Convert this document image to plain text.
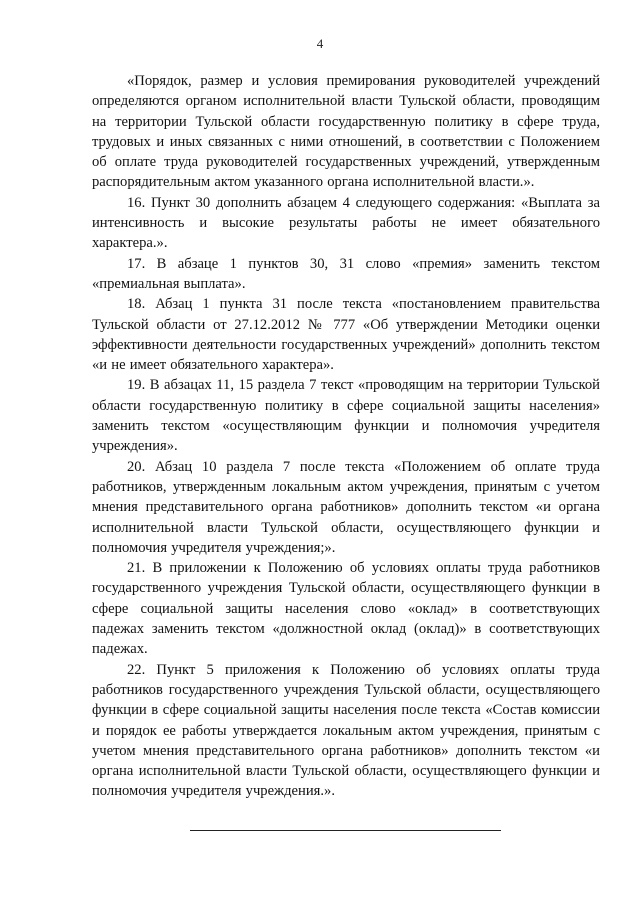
4

«Порядок, размер и условия премирования руководителей учреждений определяются органом исполнительной власти Тульской области, проводящим на территории Тульской области государственную политику в сфере труда, трудовых и иных связанных с ними отношений, в соответствии с Положением об оплате труда руководителей государственных учреждений, утвержденным распорядительным актом указанного органа исполнительной власти.».

16. Пункт 30 дополнить абзацем 4 следующего содержания: «Выплата за интенсивность и высокие результаты работы не имеет обязательного характера.».

17. В абзаце 1 пунктов 30, 31 слово «премия» заменить текстом «премиальная выплата».

18. Абзац 1 пункта 31 после текста «постановлением правительства Тульской области от 27.12.2012 № 777 «Об утверждении Методики оценки эффективности деятельности государственных учреждений» дополнить текстом «и не имеет обязательного характера».

19. В абзацах 11, 15 раздела 7 текст «проводящим на территории Тульской области государственную политику в сфере социальной защиты населения» заменить текстом «осуществляющим функции и полномочия учредителя учреждения».

20. Абзац 10 раздела 7 после текста «Положением об оплате труда работников, утвержденным локальным актом учреждения, принятым с учетом мнения представительного органа работников» дополнить текстом «и органа исполнительной власти Тульской области, осуществляющего функции и полномочия учредителя учреждения;».

21. В приложении к Положению об условиях оплаты труда работников государственного учреждения Тульской области, осуществляющего функции в сфере социальной защиты населения слово «оклад» в соответствующих падежах заменить текстом «должностной оклад (оклад)» в соответствующих падежах.

22. Пункт 5 приложения к Положению об условиях оплаты труда работников государственного учреждения Тульской области, осуществляющего функции в сфере социальной защиты населения после текста «Состав комиссии и порядок ее работы утверждается локальным актом учреждения, принятым с учетом мнения представительного органа работников» дополнить текстом «и органа исполнительной власти Тульской области, осуществляющего функции и полномочия учредителя учреждения.».
